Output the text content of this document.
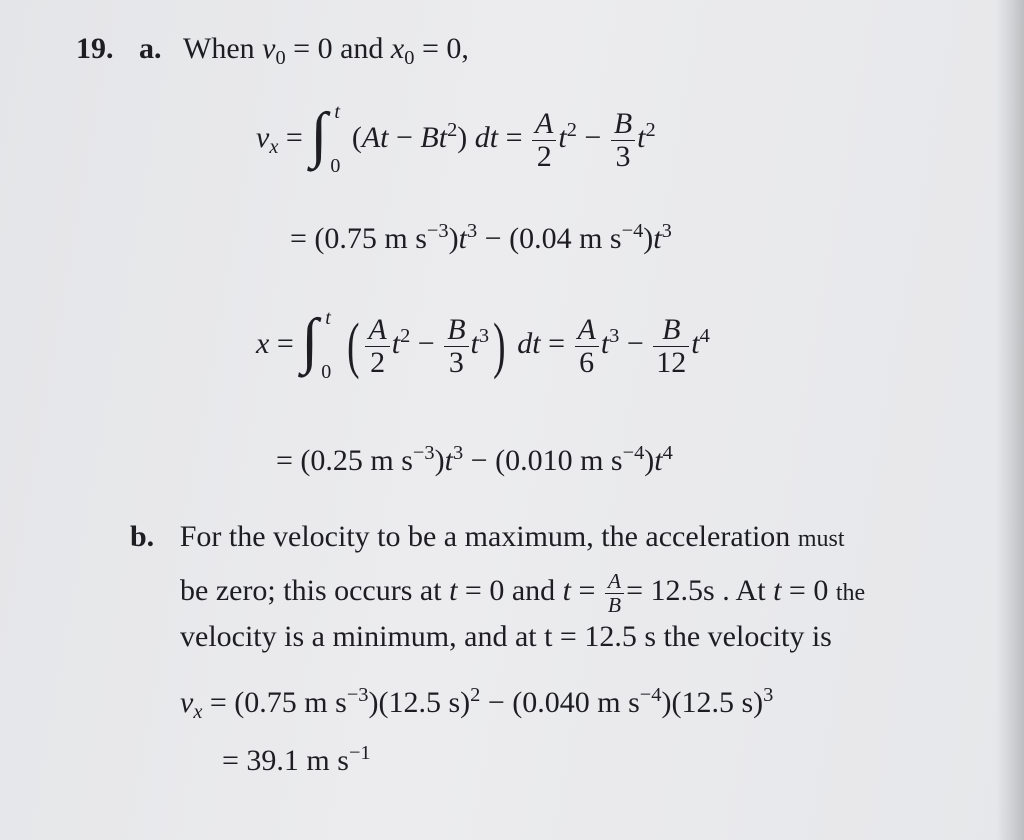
19. a. When $v_0 = 0$ and $x_0 = 0$,
$v_x$ = ∫ t
0
$(At - Bt^2)$ dt = $\frac{A}{2} t^2 - \frac{B}{3} t^2$
= (0.75 m $s^{-3})t^3 - (0.04$ m $s^{-4})t^3$
x = ∫ t
0 ( $\frac{A}{2} t^2 - \frac{B}{3} t^3$) dt = $\frac{A}{6} t^3 - \frac{B}{12} t^4$
= (0.25 m $s^{-3})t^3 - (0.010$ m $s^{-4})t^4$
b. For the velocity to be a maximum, the acceleration must
be zero; this occurs at t = 0 and $t = \frac{A}{B} = 12.5s$ . At t = 0 the
velocity is a minimum, and at t = 12.5 s the velocity is
$v_x = (0.75$ m $s^{-3})(12.5$ s)$^2$ − (0.040 m $s^{-4})(12.5$ s)$^3$
= 39.1 m $s^{-1}$
